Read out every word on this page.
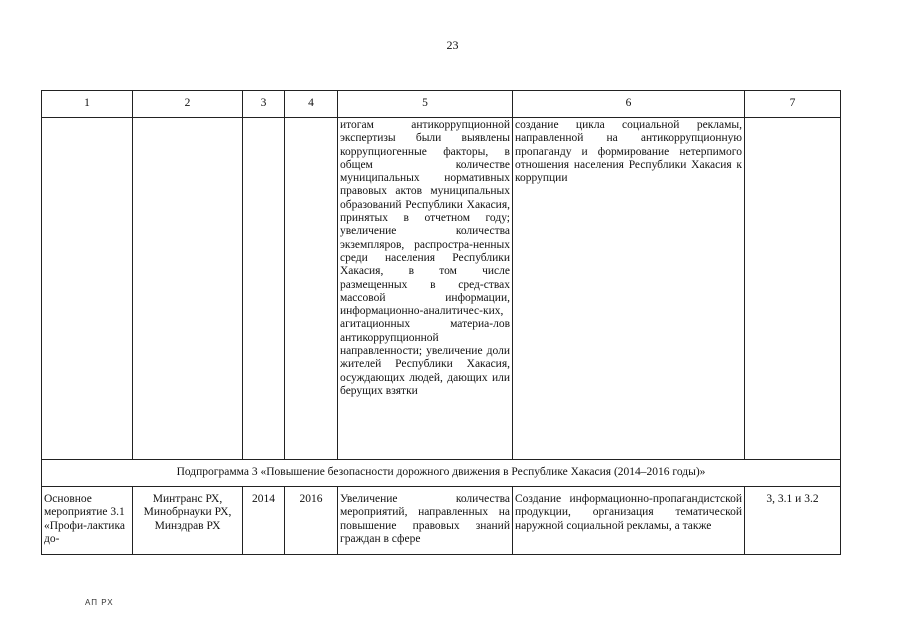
23
1	2	3	4	5	6	7
				итогам антикоррупционной экспертизы были выявлены коррупциогенные факторы, в общем количестве муниципальных нормативных правовых актов муниципальных образований Республики Хакасия, принятых в отчетном году; увеличение количества экземпляров, распростра-ненных среди населения Республики Хакасия, в том числе размещенных в сред-ствах массовой информации, информационно-аналитичес-ких, агитационных материа-лов антикоррупционной направленности; увеличение доли жителей Республики Хакасия, осуждающих людей, дающих или берущих взятки	создание цикла социальной рекламы, направленной на антикоррупционную пропаганду и формирование нетерпимого отношения населения Республики Хакасия к коррупции	
Подпрограмма 3 «Повышение безопасности дорожного движения в Республике Хакасия (2014–2016 годы)»						
Основное мероприятие 3.1 «Профи-лактика до-	Минтранс РХ, Минобрнауки РХ, Минздрав РХ	2014	2016	Увеличение количества мероприятий, направленных на повышение правовых знаний граждан в сфере	Создание информационно-пропагандистской продукции, организация тематической наружной социальной рекламы, а также	3, 3.1 и 3.2
АП РХ
